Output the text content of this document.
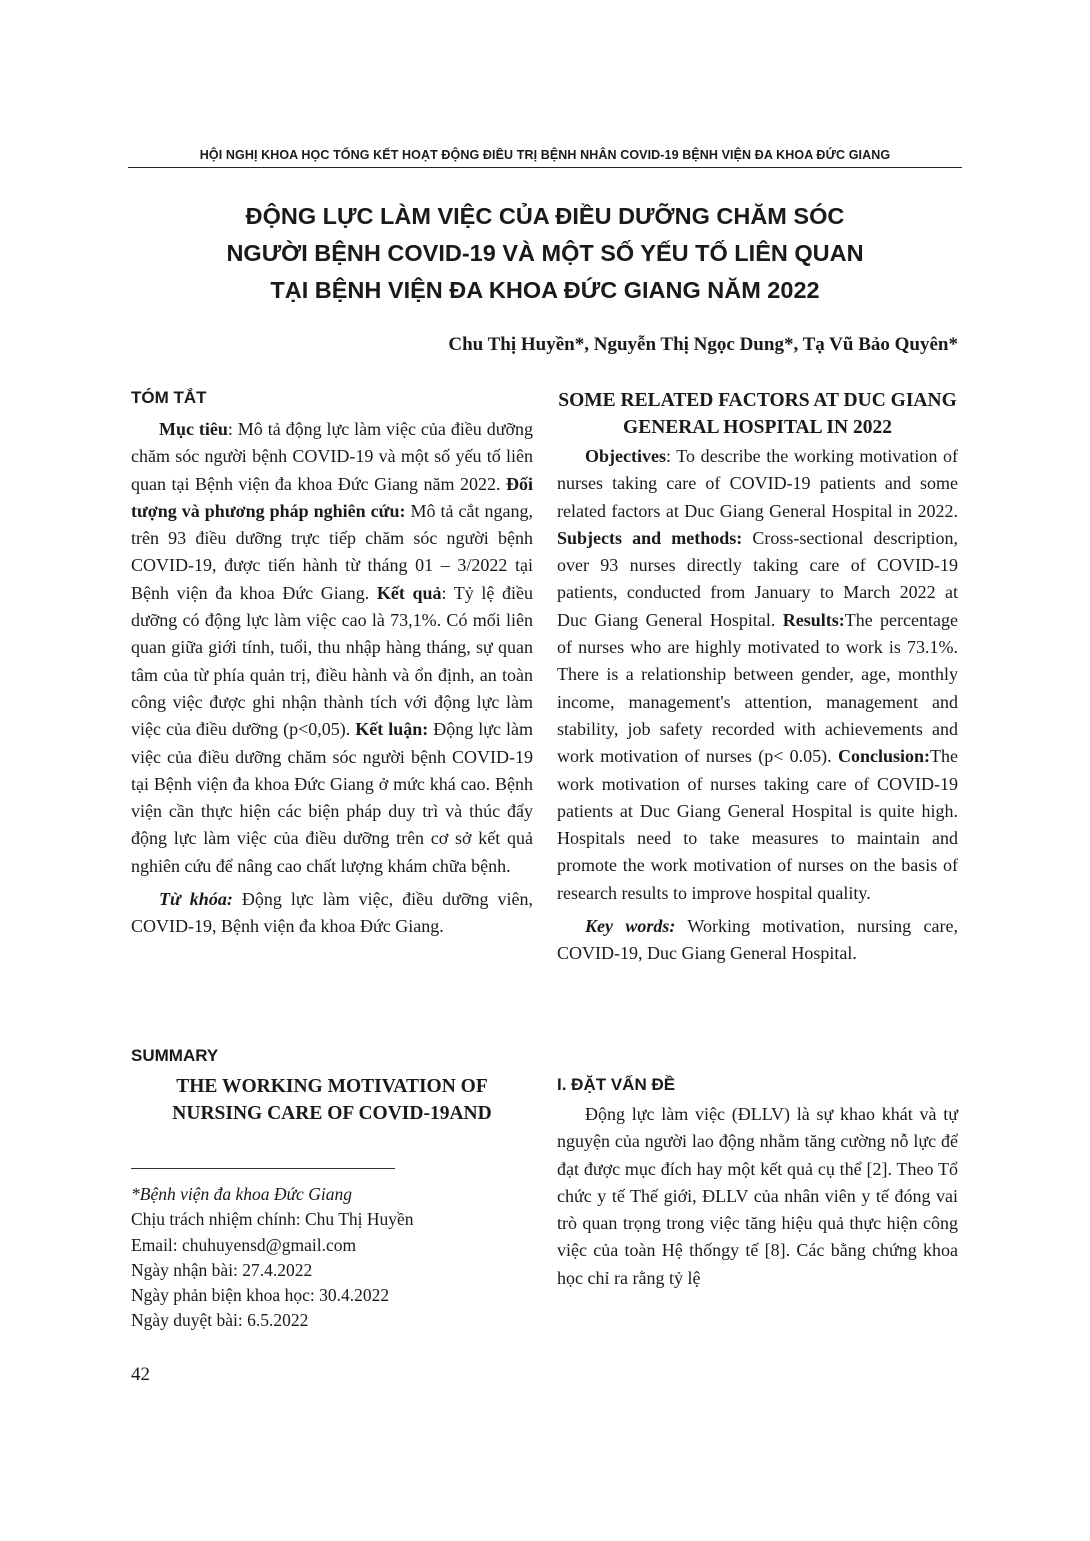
HỘI NGHỊ KHOA HỌC TỔNG KẾT HOẠT ĐỘNG ĐIỀU TRỊ BỆNH NHÂN COVID-19 BỆNH VIỆN ĐA KHOA ĐỨC GIANG
ĐỘNG LỰC LÀM VIỆC CỦA ĐIỀU DƯỠNG CHĂM SÓC
NGƯỜI BỆNH COVID-19 VÀ MỘT SỐ YẾU TỐ LIÊN QUAN
TẠI BỆNH VIỆN ĐA KHOA ĐỨC GIANG NĂM 2022
Chu Thị Huyền*, Nguyễn Thị Ngọc Dung*, Tạ Vũ Bảo Quyên*
TÓM TẮT

Mục tiêu: Mô tả động lực làm việc của điều dưỡng chăm sóc người bệnh COVID-19 và một số yếu tố liên quan tại Bệnh viện đa khoa Đức Giang năm 2022. Đối tượng và phương pháp nghiên cứu: Mô tả cắt ngang, trên 93 điều dưỡng trực tiếp chăm sóc người bệnh COVID-19, được tiến hành từ tháng 01 – 3/2022 tại Bệnh viện đa khoa Đức Giang. Kết quả: Tỷ lệ điều dưỡng có động lực làm việc cao là 73,1%. Có mối liên quan giữa giới tính, tuổi, thu nhập hàng tháng, sự quan tâm của từ phía quản trị, điều hành và ổn định, an toàn công việc được ghi nhận thành tích với động lực làm việc của điều dưỡng (p<0,05). Kết luận: Động lực làm việc của điều dưỡng chăm sóc người bệnh COVID-19 tại Bệnh viện đa khoa Đức Giang ở mức khá cao. Bệnh viện cần thực hiện các biện pháp duy trì và thúc đẩy động lực làm việc của điều dưỡng trên cơ sở kết quả nghiên cứu để nâng cao chất lượng khám chữa bệnh.

Từ khóa: Động lực làm việc, điều dưỡng viên, COVID-19, Bệnh viện đa khoa Đức Giang.

SUMMARY
THE WORKING MOTIVATION OF NURSING CARE OF COVID-19AND
*Bệnh viện đa khoa Đức Giang
Chịu trách nhiệm chính: Chu Thị Huyền
Email: chuhuyensd@gmail.com
Ngày nhận bài: 27.4.2022
Ngày phản biện khoa học: 30.4.2022
Ngày duyệt bài: 6.5.2022
42
SOME RELATED FACTORS AT DUC GIANG GENERAL HOSPITAL IN 2022

Objectives: To describe the working motivation of nurses taking care of COVID-19 patients and some related factors at Duc Giang General Hospital in 2022. Subjects and methods: Cross-sectional description, over 93 nurses directly taking care of COVID-19 patients, conducted from January to March 2022 at Duc Giang General Hospital. Results:The percentage of nurses who are highly motivated to work is 73.1%. There is a relationship between gender, age, monthly income, management's attention, management and stability, job safety recorded with achievements and work motivation of nurses (p< 0.05). Conclusion:The work motivation of nurses taking care of COVID-19 patients at Duc Giang General Hospital is quite high. Hospitals need to take measures to maintain and promote the work motivation of nurses on the basis of research results to improve hospital quality.

Key words: Working motivation, nursing care, COVID-19, Duc Giang General Hospital.

I. ĐẶT VẤN ĐỀ

Động lực làm việc (ĐLLV) là sự khao khát và tự nguyện của người lao động nhằm tăng cường nỗ lực để đạt được mục đích hay một kết quả cụ thể [2]. Theo Tổ chức y tế Thế giới, ĐLLV của nhân viên y tế đóng vai trò quan trọng trong việc tăng hiệu quả thực hiện công việc của toàn Hệ thốngy tế [8]. Các bằng chứng khoa học chỉ ra rằng tỷ lệ
